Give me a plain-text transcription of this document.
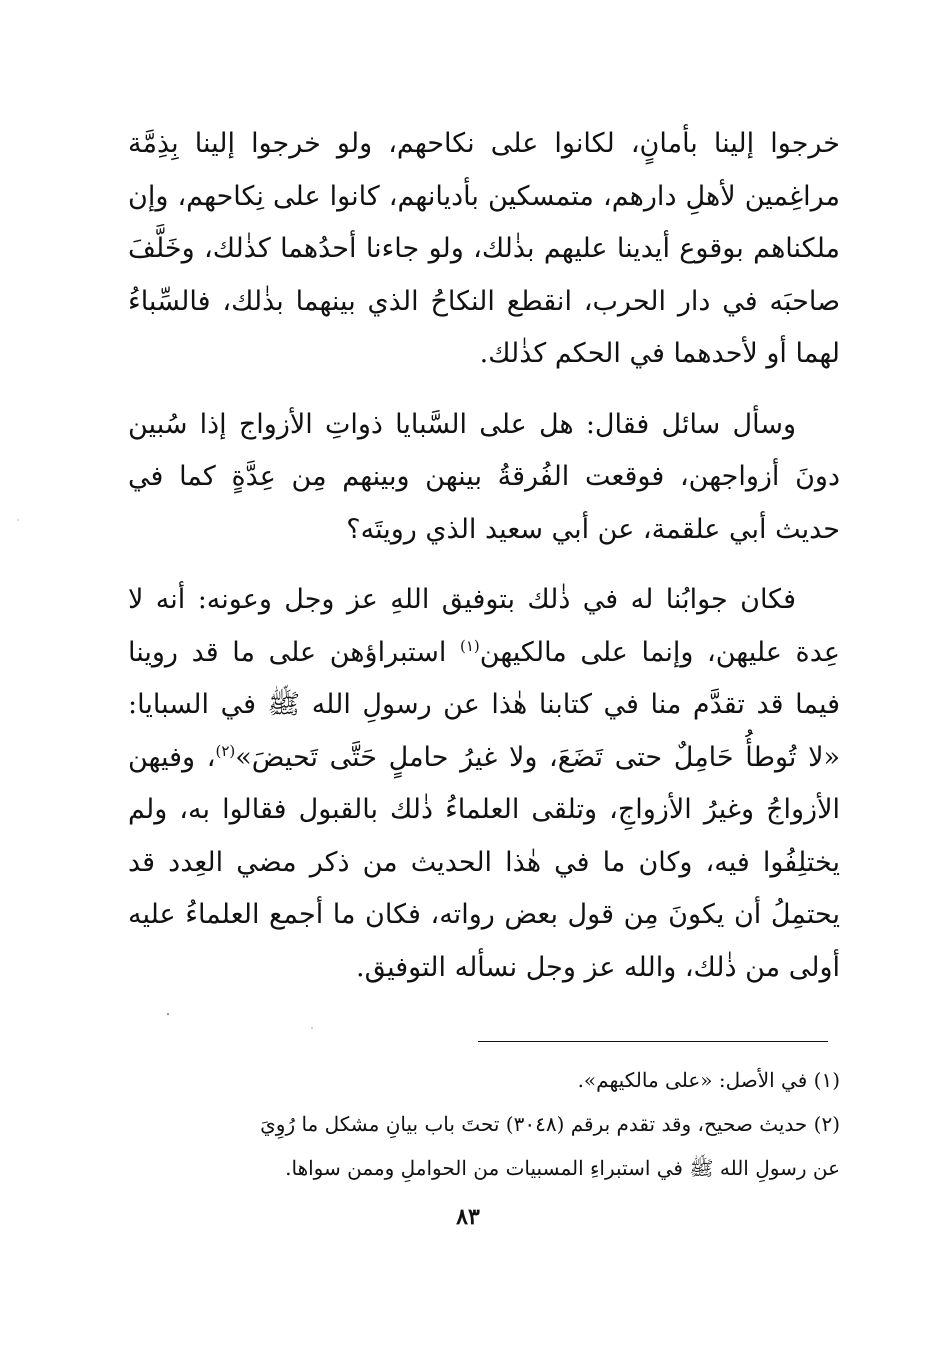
خرجوا إلينا بأمانٍ، لكانوا على نكاحهم، ولو خرجوا إلينا بِذِمَّة مراغِمين لأهلِ دارهم، متمسكين بأديانهم، كانوا على نِكاحهم، وإن ملكناهم بوقوع أيدينا عليهم بذٰلك، ولو جاءنا أحدُهما كذٰلك، وخَلَّفَ صاحبَه في دار الحرب، انقطع النكاحُ الذي بينهما بذٰلك، فالسِّباءُ لهما أو لأحدهما في الحكم كذٰلك.

وسأل سائل فقال: هل على السَّبايا ذواتِ الأزواج إذا سُبين دونَ أزواجهن، فوقعت الفُرقةُ بينهن وبينهم مِن عِدَّةٍ كما في حديث أبي علقمة، عن أبي سعيد الذي رويتَه؟

فكان جوابُنا له في ذٰلك بتوفيق اللهِ عز وجل وعونه: أنه لا عِدة عليهن، وإنما على مالكيهن$^{(١)}$ استبراؤهن على ما قد روينا فيما قد تقدَّم منا في كتابنا هٰذا عن رسولِ الله ﷺ في السبايا: «لا تُوطأُ حَامِلٌ حتى تَضَعَ، ولا غيرُ حاملٍ حَتَّى تَحيضَ»$^{(٢)}$، وفيهن الأزواجُ وغيرُ الأزواجِ، وتلقى العلماءُ ذٰلك بالقبول فقالوا به، ولم يختلِفُوا فيه، وكان ما في هٰذا الحديث من ذكر مضي العِدد قد يحتمِلُ أن يكونَ مِن قول بعض رواته، فكان ما أجمع العلماءُ عليه أولى من ذٰلك، والله عز وجل نسأله التوفيق.

(١) في الأصل: «على مالكيهم».

(٢) حديث صحيح، وقد تقدم برقم (٣٠٤٨) تحتَ باب بيانِ مشكل ما رُوِيَ
عن رسولِ الله ﷺ في استبراءِ المسبيات من الحواملِ وممن سواها.

٨٣
